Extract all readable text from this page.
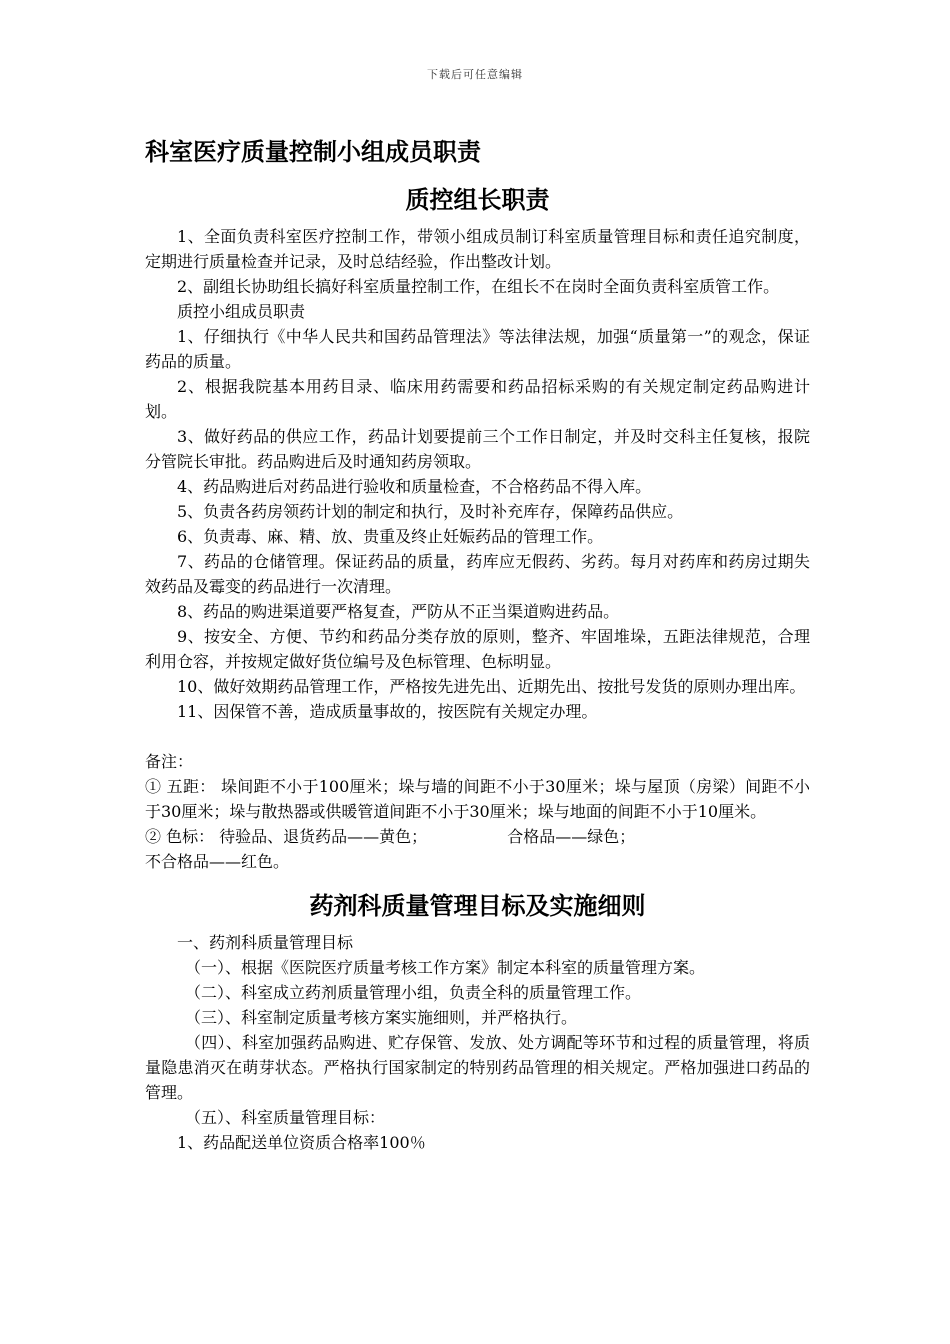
下载后可任意编辑
科室医疗质量控制小组成员职责
质控组长职责

1、全面负责科室医疗控制工作，带领小组成员制订科室质量管理目标和责任追究制度，定期进行质量检查并记录，及时总结经验，作出整改计划。

2、副组长协助组长搞好科室质量控制工作，在组长不在岗时全面负责科室质管工作。

质控小组成员职责

1、仔细执行《中华人民共和国药品管理法》等法律法规，加强“质量第一”的观念，保证药品的质量。

2、根据我院基本用药目录、临床用药需要和药品招标采购的有关规定制定药品购进计划。

3、做好药品的供应工作，药品计划要提前三个工作日制定，并及时交科主任复核，报院分管院长审批。药品购进后及时通知药房领取。

4、药品购进后对药品进行验收和质量检查，不合格药品不得入库。

5、负责各药房领药计划的制定和执行，及时补充库存，保障药品供应。

6、负责毒、麻、精、放、贵重及终止妊娠药品的管理工作。

7、药品的仓储管理。保证药品的质量，药库应无假药、劣药。每月对药库和药房过期失效药品及霉变的药品进行一次清理。

8、药品的购进渠道要严格复查，严防从不正当渠道购进药品。

9、按安全、方便、节约和药品分类存放的原则，整齐、牢固堆垛，五距法律规范，合理利用仓容，并按规定做好货位编号及色标管理、色标明显。

10、做好效期药品管理工作，严格按先进先出、近期先出、按批号发货的原则办理出库。

11、因保管不善，造成质量事故的，按医院有关规定办理。

备注：

① 五距： 垛间距不小于100厘米；垛与墙的间距不小于30厘米；垛与屋顶（房梁）间距不小于30厘米；垛与散热器或供暖管道间距不小于30厘米；垛与地面的间距不小于10厘米。

② 色标： 待验品、退货药品——黄色；	合格品——绿色；

不合格品——红色。

药剂科质量管理目标及实施细则

一、药剂科质量管理目标

（一）、根据《医院医疗质量考核工作方案》制定本科室的质量管理方案。

（二）、科室成立药剂质量管理小组，负责全科的质量管理工作。

（三）、科室制定质量考核方案实施细则，并严格执行。

（四）、科室加强药品购进、贮存保管、发放、处方调配等环节和过程的质量管理，将质量隐患消灭在萌芽状态。严格执行国家制定的特别药品管理的相关规定。严格加强进口药品的管理。

（五）、科室质量管理目标：

1、药品配送单位资质合格率100％
